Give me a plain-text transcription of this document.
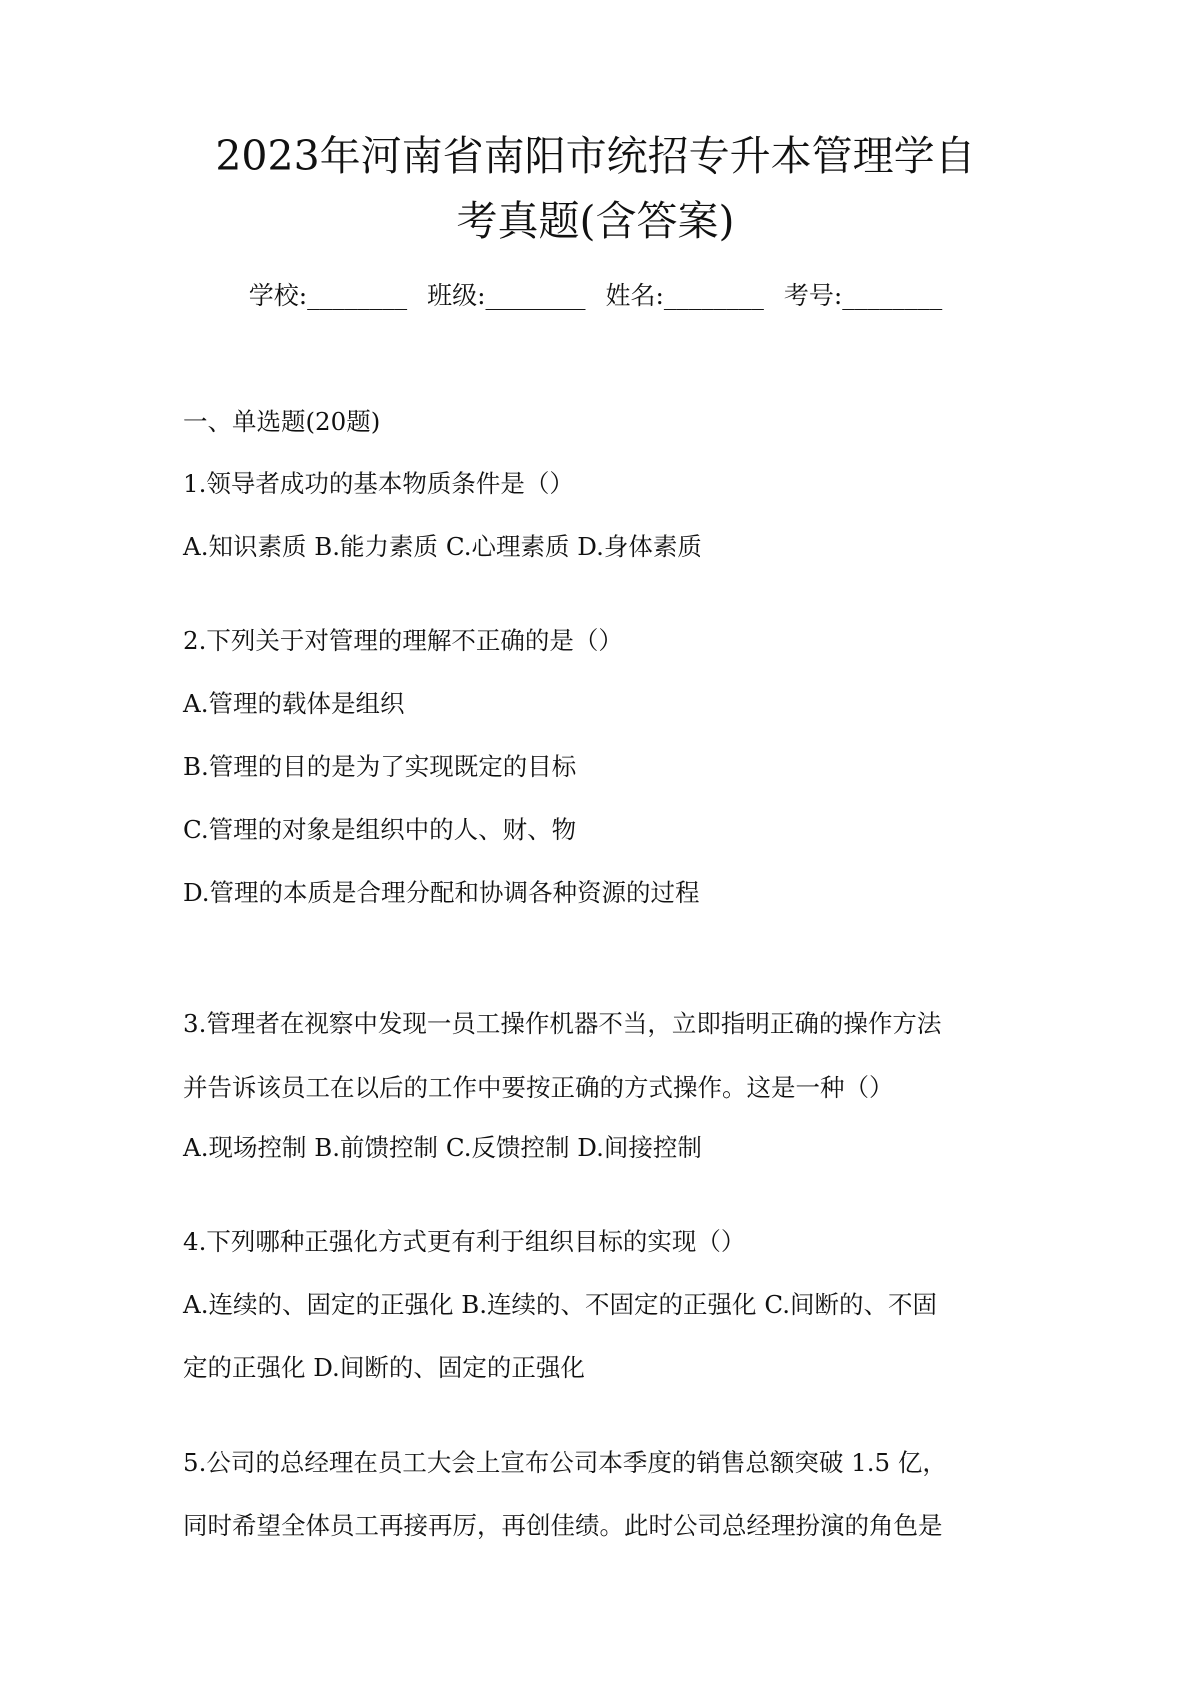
2023年河南省南阳市统招专升本管理学自
考真题(含答案)
学校:________ 班级:________ 姓名:________ 考号:________
一、单选题(20题)
1.领导者成功的基本物质条件是（）
A.知识素质 B.能力素质 C.心理素质 D.身体素质
2.下列关于对管理的理解不正确的是（）
A.管理的载体是组织
B.管理的目的是为了实现既定的目标
C.管理的对象是组织中的人、财、物
D.管理的本质是合理分配和协调各种资源的过程
3.管理者在视察中发现一员工操作机器不当，立即指明正确的操作方法
并告诉该员工在以后的工作中要按正确的方式操作。这是一种（）
A.现场控制 B.前馈控制 C.反馈控制 D.间接控制
4.下列哪种正强化方式更有利于组织目标的实现（）
A.连续的、固定的正强化 B.连续的、不固定的正强化 C.间断的、不固
定的正强化 D.间断的、固定的正强化
5.公司的总经理在员工大会上宣布公司本季度的销售总额突破 1.5 亿，
同时希望全体员工再接再厉，再创佳绩。此时公司总经理扮演的角色是
